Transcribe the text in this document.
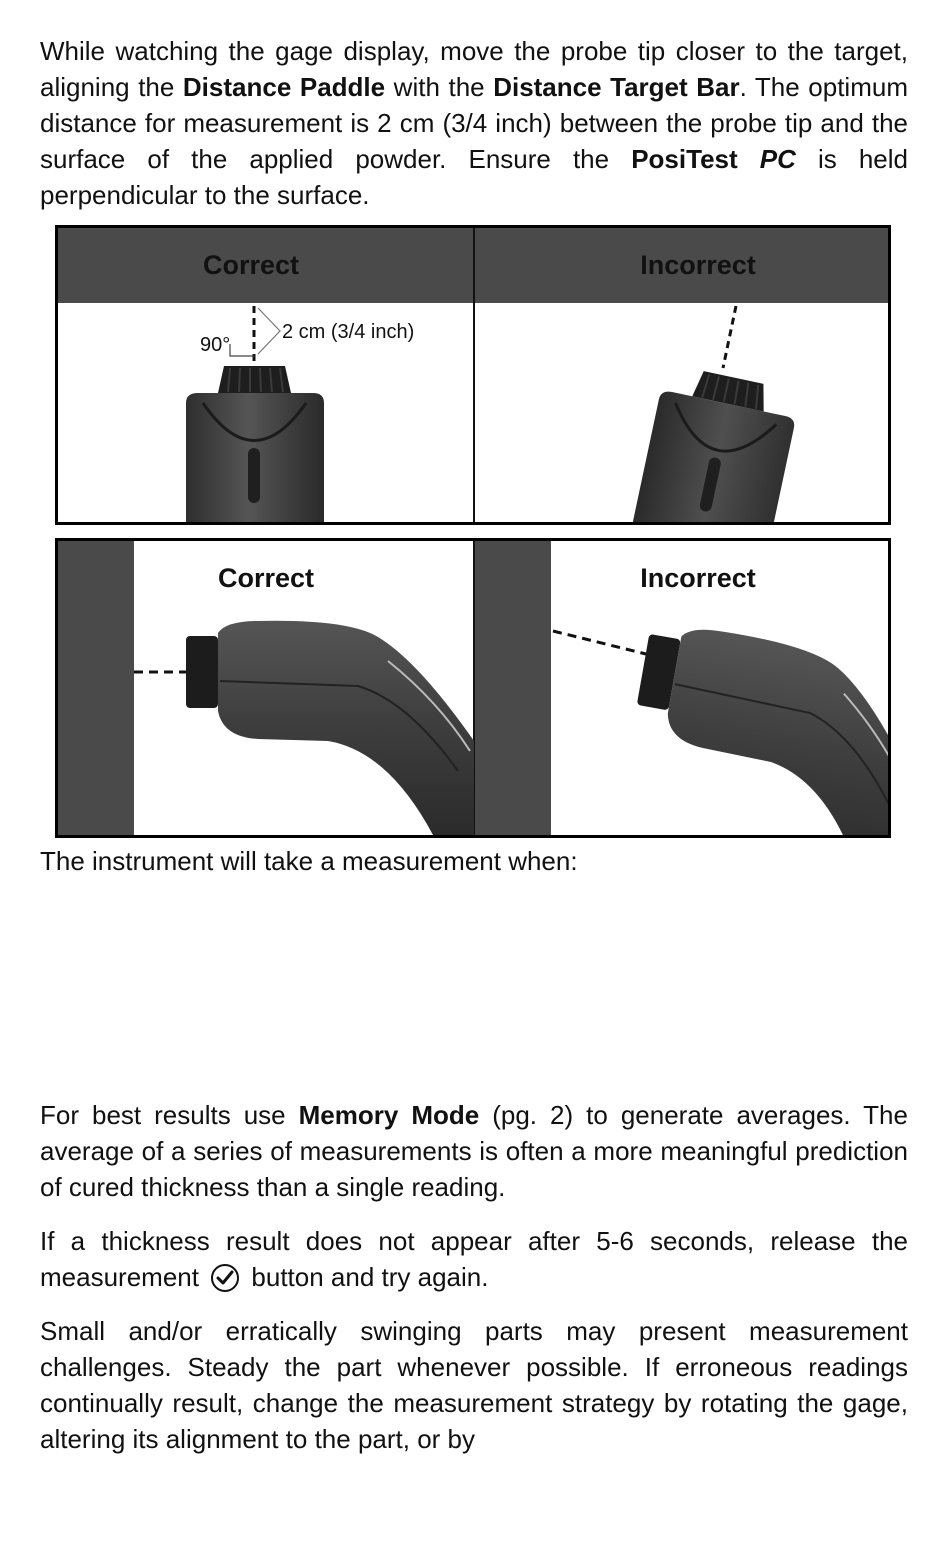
While watching the gage display, move the probe tip closer to the target, aligning the Distance Paddle with the Distance Target Bar. The optimum distance for measurement is 2 cm (3/4 inch) between the probe tip and the surface of the applied powder. Ensure the PosiTest PC is held perpendicular to the surface.

Correct	Incorrect
90°
2 cm (3/4 inch)
Correct	Incorrect

The instrument will take a measurement when:

For best results use Memory Mode (pg. 2) to generate averages. The average of a series of measurements is often a more meaningful prediction of cured thickness than a single reading.

If a thickness result does not appear after 5-6 seconds, release the measurement  button and try again.

Small and/or erratically swinging parts may present measurement challenges. Steady the part whenever possible. If erroneous readings continually result, change the measurement strategy by rotating the gage, altering its alignment to the part, or by
